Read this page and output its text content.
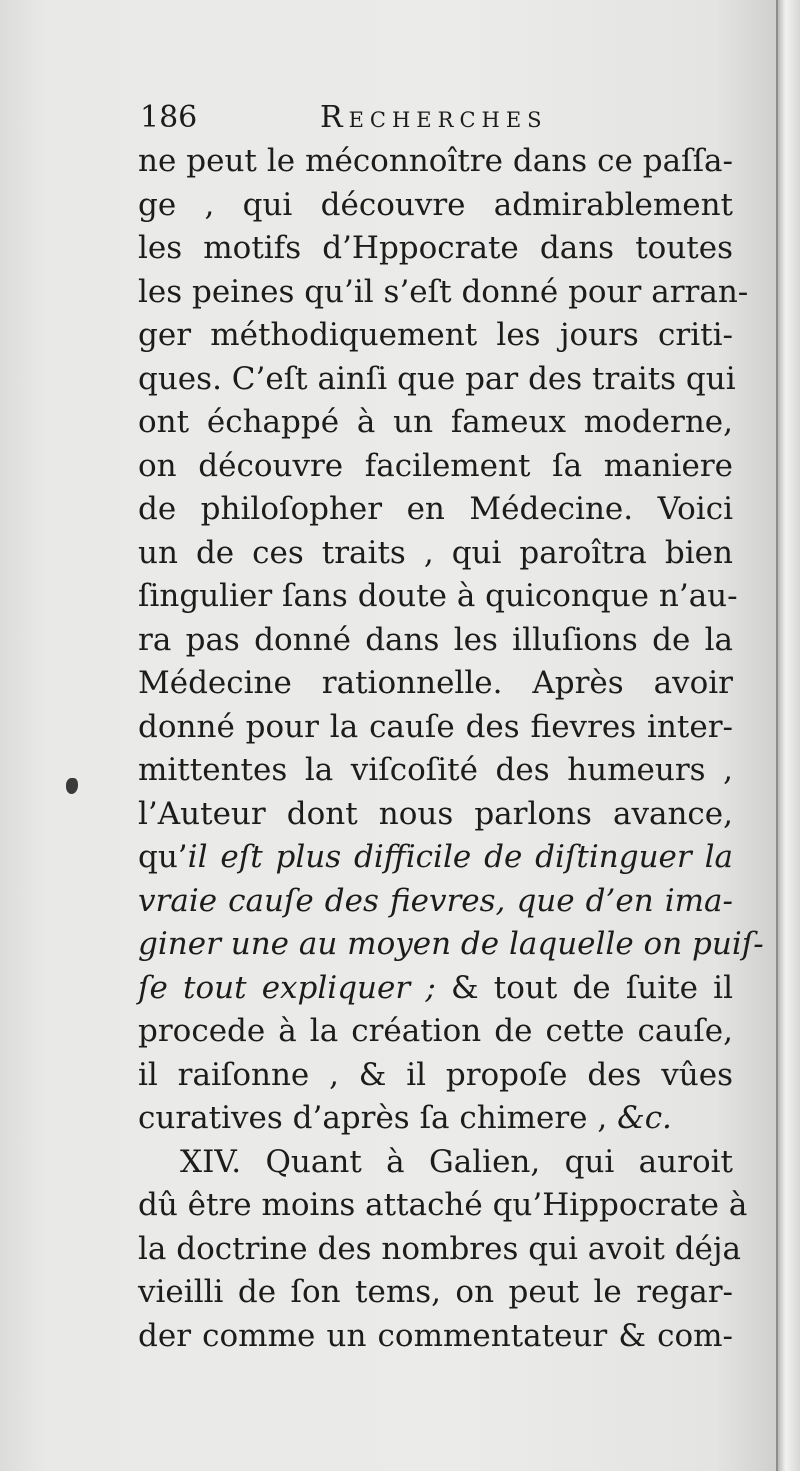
186	Recherches
ne peut le méconnoître dans ce paſſa-
ge , qui découvre admirablement
les motifs d’Hppocrate dans toutes
les peines qu’il s’eſt donné pour arran-
ger méthodiquement les jours criti-
ques. C’eſt ainſi que par des traits qui
ont échappé à un fameux moderne,
on découvre facilement ſa maniere
de philoſopher en Médecine. Voici
un de ces traits , qui paroîtra bien
ſingulier ſans doute à quiconque n’au-
ra pas donné dans les illuſions de la
Médecine rationnelle. Après avoir
donné pour la cauſe des fievres inter-
mittentes la viſcoſité des humeurs ,
l’Auteur dont nous parlons avance,
qu’il eſt plus difficile de diſtinguer la
vraie cauſe des fievres, que d’en ima-
giner une au moyen de laquelle on puiſ-
ſe tout expliquer ; & tout de ſuite il
procede à la création de cette cauſe,
il raiſonne , & il propoſe des vûes
curatives d’après ſa chimere , &c.
XIV. Quant à Galien, qui auroit
dû être moins attaché qu’Hippocrate à
la doctrine des nombres qui avoit déja
vieilli de ſon tems, on peut le regar-
der comme un commentateur & com-
